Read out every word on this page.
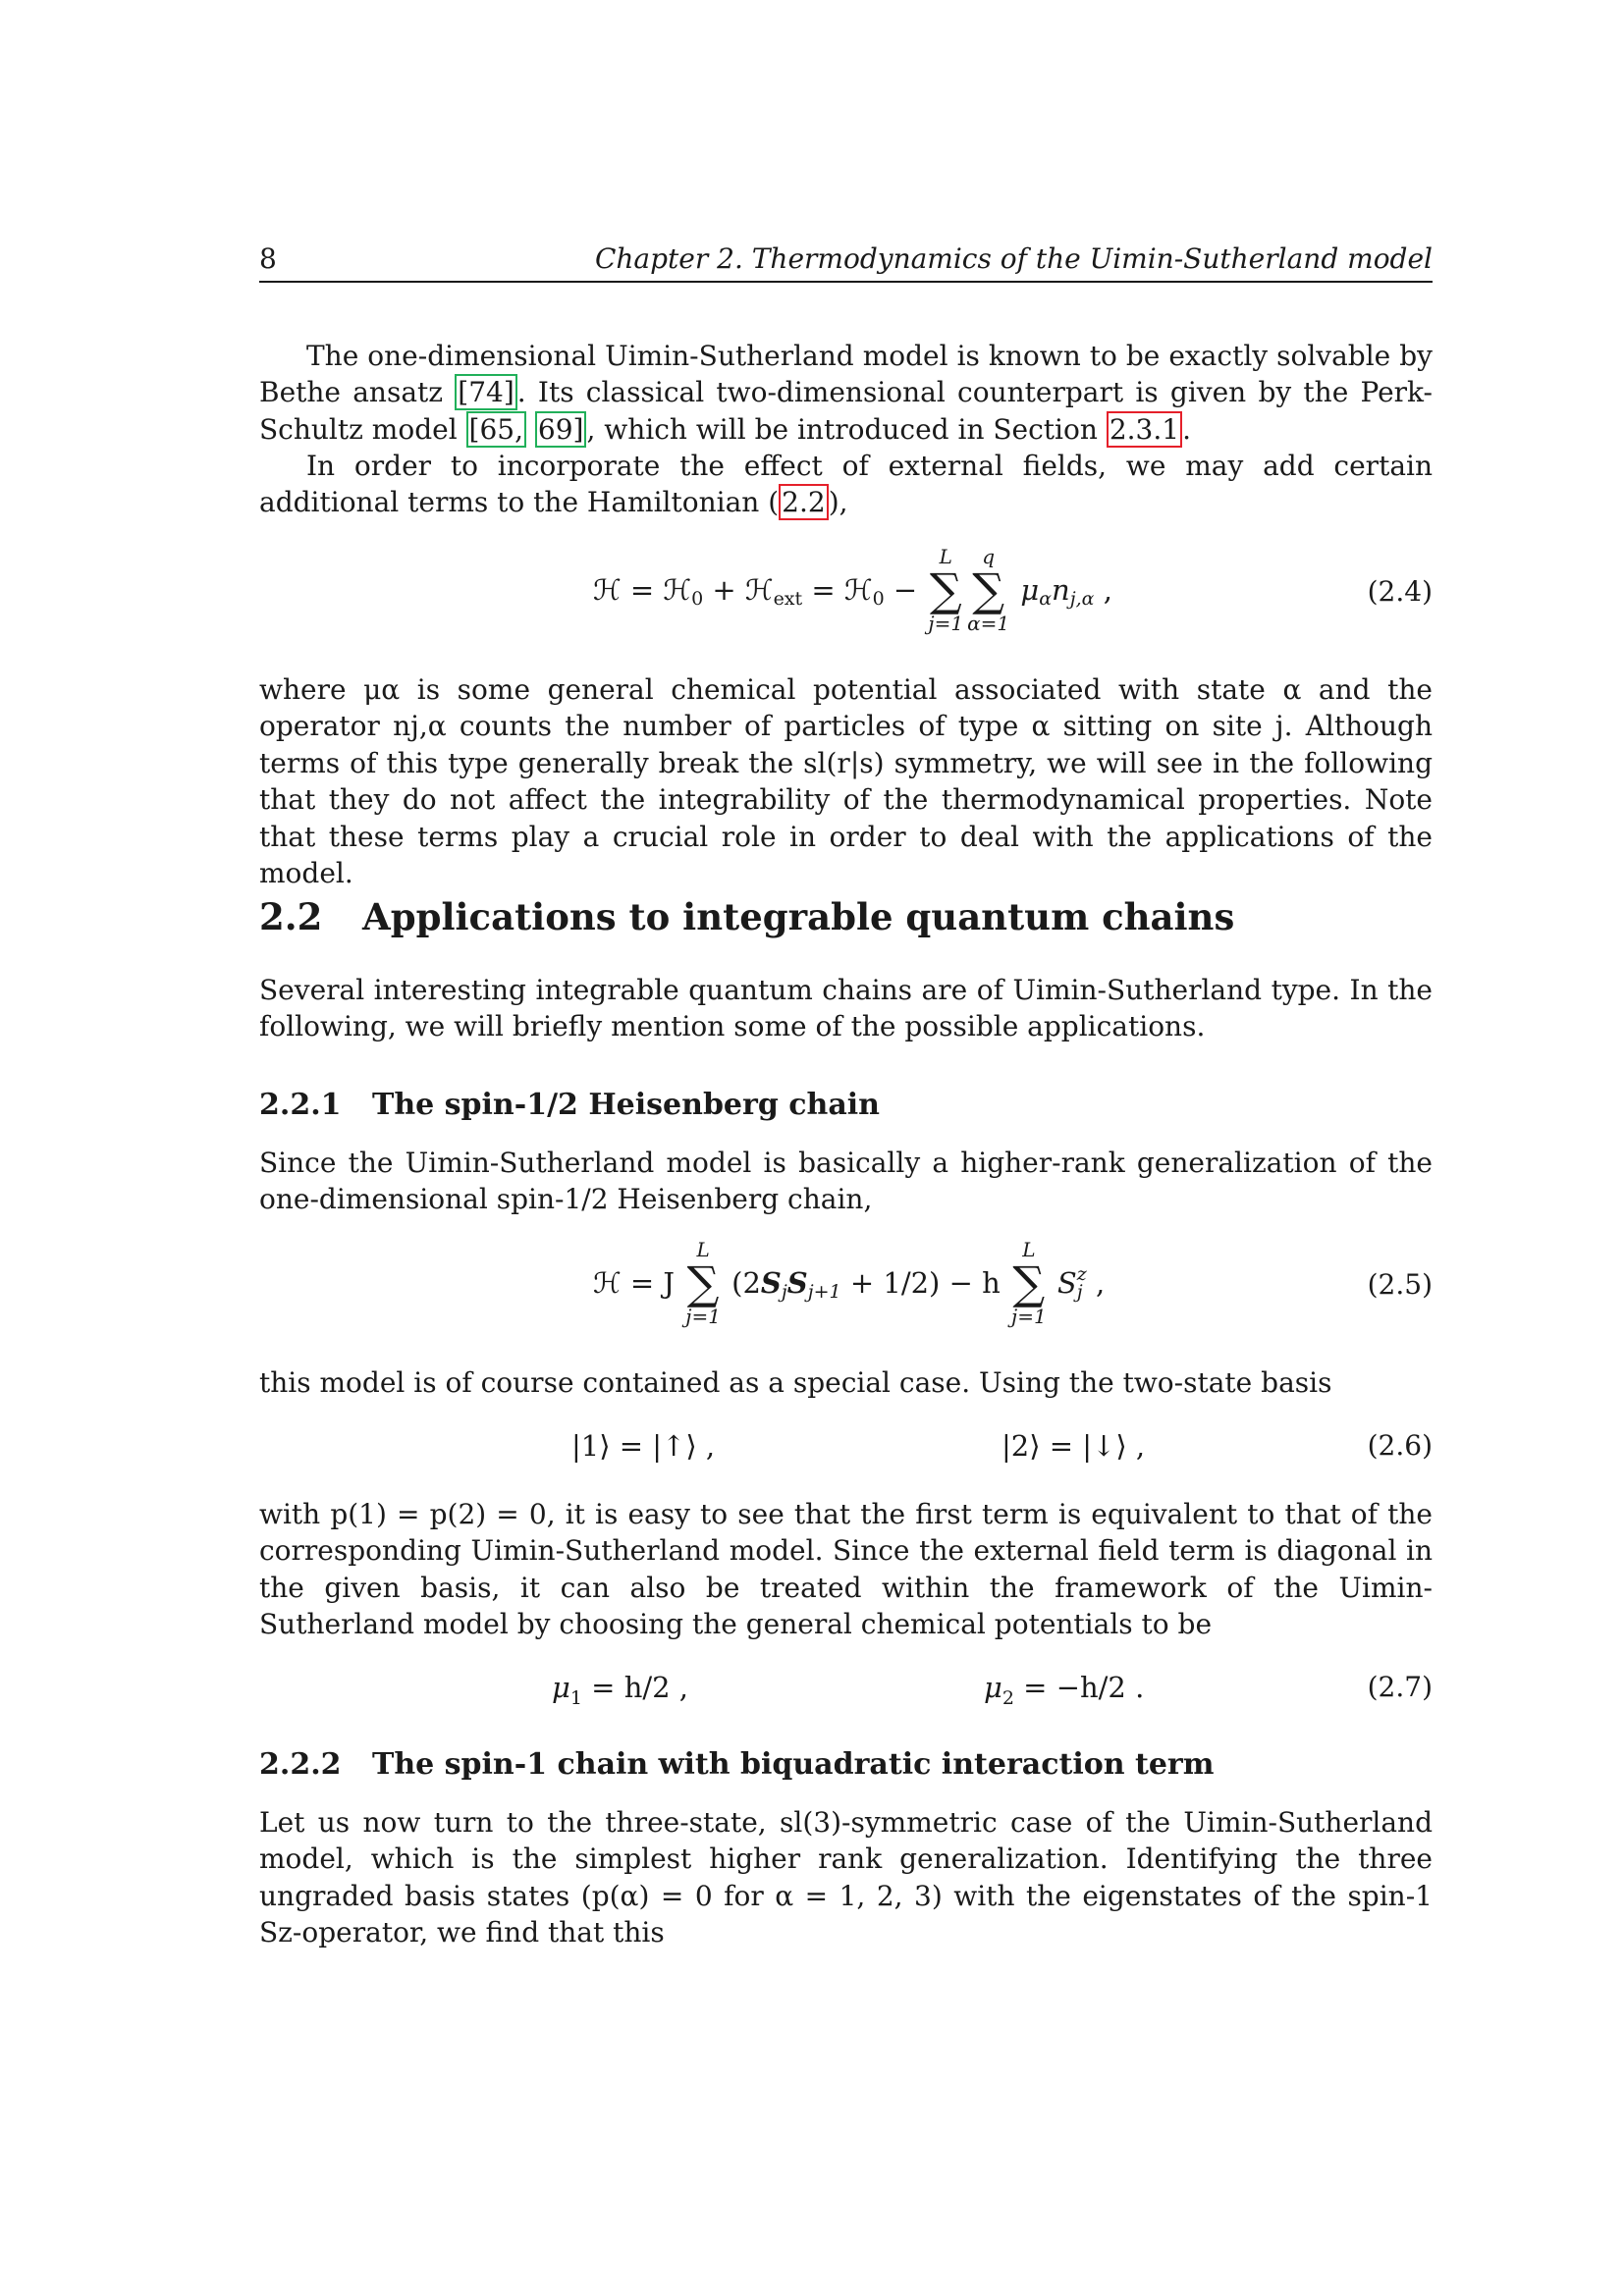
8	Chapter 2. Thermodynamics of the Uimin-Sutherland model
The one-dimensional Uimin-Sutherland model is known to be exactly solvable by Bethe ansatz [74] . Its classical two-dimensional counterpart is given by the Perk-Schultz model [65, 69] , which will be introduced in Section 2.3.1 .
In order to incorporate the effect of external fields, we may add certain additional terms to the Hamiltonian ( 2.2 ),
ℋ = ℋ$_0$ + ℋ$_{ext}$ = ℋ$_0$ −
L
∑
j=1
q
∑
α=1
$\mu_\alpha n_{j,\alpha}$ ,	(2.4)
where μα is some general chemical potential associated with state α and the operator nj,α counts the number of particles of type α sitting on site j. Although terms of this type generally break the sl(r|s) symmetry, we will see in the following that they do not affect the integrability of the thermodynamical properties. Note that these terms play a crucial role in order to deal with the applications of the model.
2.2 Applications to integrable quantum chains
Several interesting integrable quantum chains are of Uimin-Sutherland type. In the following, we will briefly mention some of the possible applications.
2.2.1 The spin-1/2 Heisenberg chain
Since the Uimin-Sutherland model is basically a higher-rank generalization of the one-dimensional spin-1/2 Heisenberg chain,
ℋ = J
L
∑
j=1
$(2S_jS_{j+1} + 1/2) - h$
L
∑
j=1
S z
j ,	(2.5)
this model is of course contained as a special case. Using the two-state basis
|1⟩ = |↑⟩ ,	|2⟩ = |↓⟩ ,	(2.6)
with p(1) = p(2) = 0, it is easy to see that the first term is equivalent to that of the corresponding Uimin-Sutherland model. Since the external field term is diagonal in the given basis, it can also be treated within the framework of the Uimin-Sutherland model by choosing the general chemical potentials to be
$\mu_1 = h/2$ ,	$\mu_2 = -h/2$ .	(2.7)
2.2.2 The spin-1 chain with biquadratic interaction term
Let us now turn to the three-state, sl(3)-symmetric case of the Uimin-Sutherland model, which is the simplest higher rank generalization. Identifying the three ungraded basis states (p(α) = 0 for α = 1, 2, 3) with the eigenstates of the spin-1 Sz-operator, we find that this
